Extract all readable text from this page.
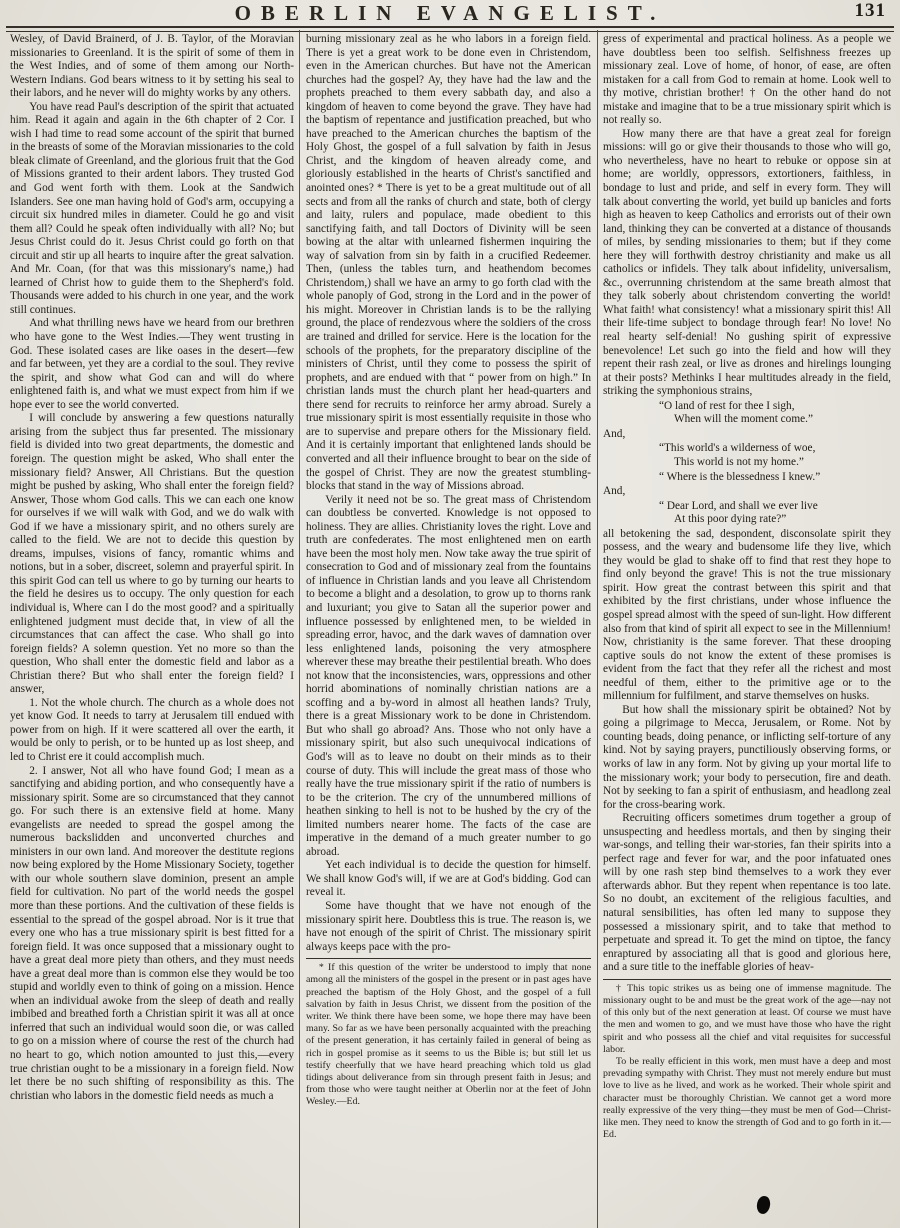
OBERLIN EVANGELIST.	131

Wesley, of David Brainerd, of J. B. Taylor, of the Moravian missionaries to Greenland. It is the spirit of some of them in the West Indies, and of some of them among our North-Western Indians. God bears witness to it by setting his seal to their labors, and he never will do mighty works by any others.

You have read Paul's description of the spirit that actuated him. Read it again and again in the 6th chapter of 2 Cor. I wish I had time to read some account of the spirit that burned in the breasts of some of the Moravian missionaries to the cold bleak climate of Greenland, and the glorious fruit that the God of Missions granted to their ardent labors. They trusted God and God went forth with them. Look at the Sandwich Islanders. See one man having hold of God's arm, occupying a circuit six hundred miles in diameter. Could he go and visit them all? Could he speak often individually with all? No; but Jesus Christ could do it. Jesus Christ could go forth on that circuit and stir up all hearts to inquire after the great salvation. And Mr. Coan, (for that was this missionary's name,) had learned of Christ how to guide them to the Shepherd's fold. Thousands were added to his church in one year, and the work still continues.

And what thrilling news have we heard from our brethren who have gone to the West Indies.—They went trusting in God. These isolated cases are like oases in the desert—few and far between, yet they are a cordial to the soul. They revive the spirit, and show what God can and will do where enlightened faith is, and what we must expect from him if we hope ever to see the world converted.

I will conclude by answering a few questions naturally arising from the subject thus far presented. The missionary field is divided into two great departments, the domestic and foreign. The question might be asked, Who shall enter the missionary field? Answer, All Christians. But the question might be pushed by asking, Who shall enter the foreign field? Answer, Those whom God calls. This we can each one know for ourselves if we will walk with God, and we do walk with God if we have a missionary spirit, and no others surely are called to the field. We are not to decide this question by dreams, impulses, visions of fancy, romantic whims and notions, but in a sober, discreet, solemn and prayerful spirit. In this spirit God can tell us where to go by turning our hearts to the field he desires us to occupy. The only question for each individual is, Where can I do the most good? and a spiritually enlightened judgment must decide that, in view of all the circumstances that can affect the case. Who shall go into foreign fields? A solemn question. Yet no more so than the question, Who shall enter the domestic field and labor as a Christian there? But who shall enter the foreign field? I answer,

1. Not the whole church. The church as a whole does not yet know God. It needs to tarry at Jerusalem till endued with power from on high. If it were scattered all over the earth, it would be only to perish, or to be hunted up as lost sheep, and led to Christ ere it could accomplish much.

2. I answer, Not all who have found God; I mean as a sanctifying and abiding portion, and who consequently have a missionary spirit. Some are so circumstanced that they cannot go. For such there is an extensive field at home. Many evangelists are needed to spread the gospel among the numerous backslidden and unconverted churches and ministers in our own land. And moreover the destitute regions now being explored by the Home Missionary Society, together with our whole southern slave dominion, present an ample field for cultivation. No part of the world needs the gospel more than these portions. And the cultivation of these fields is essential to the spread of the gospel abroad. Nor is it true that every one who has a true missionary spirit is best fitted for a foreign field. It was once supposed that a missionary ought to have a great deal more piety than others, and they must needs have a great deal more than is common else they would be too stupid and worldly even to think of going on a mission. Hence when an individual awoke from the sleep of death and really imbibed and breathed forth a Christian spirit it was all at once inferred that such an individual would soon die, or was called to go on a mission where of course the rest of the church had no heart to go, which notion amounted to just this,—every true christian ought to be a missionary in a foreign field. Now let there be no such shifting of responsibility as this. The christian who labors in the domestic field needs as much a

burning missionary zeal as he who labors in a foreign field. There is yet a great work to be done even in Christendom, even in the American churches. But have not the American churches had the gospel? Ay, they have had the law and the prophets preached to them every sabbath day, and also a kingdom of heaven to come beyond the grave. They have had the baptism of repentance and justification preached, but who have preached to the American churches the baptism of the Holy Ghost, the gospel of a full salvation by faith in Jesus Christ, and the kingdom of heaven already come, and gloriously established in the hearts of Christ's sanctified and anointed ones? * There is yet to be a great multitude out of all sects and from all the ranks of church and state, both of clergy and laity, rulers and populace, made obedient to this sanctifying faith, and tall Doctors of Divinity will be seen bowing at the altar with unlearned fishermen inquiring the way of salvation from sin by faith in a crucified Redeemer. Then, (unless the tables turn, and heathendom becomes Christendom,) shall we have an army to go forth clad with the whole panoply of God, strong in the Lord and in the power of his might. Moreover in Christian lands is to be the rallying ground, the place of rendezvous where the soldiers of the cross are trained and drilled for service. Here is the location for the schools of the prophets, for the preparatory discipline of the ministers of Christ, until they come to possess the spirit of prophets, and are endued with that “ power from on high.” In christian lands must the church plant her head-quarters and there send for recruits to reinforce her army abroad. Surely a true missionary spirit is most essentially requisite in those who are to supervise and prepare others for the Missionary field. And it is certainly important that enlightened lands should be converted and all their influence brought to bear on the side of the gospel of Christ. They are now the greatest stumbling-blocks that stand in the way of Missions abroad.

Verily it need not be so. The great mass of Christendom can doubtless be converted. Knowledge is not opposed to holiness. They are allies. Christianity loves the right. Love and truth are confederates. The most enlightened men on earth have been the most holy men. Now take away the true spirit of consecration to God and of missionary zeal from the fountains of influence in Christian lands and you leave all Christendom to become a blight and a desolation, to grow up to thorns rank and luxuriant; you give to Satan all the superior power and influence possessed by enlightened men, to be wielded in spreading error, havoc, and the dark waves of damnation over less enlightened lands, poisoning the very atmosphere wherever these may breathe their pestilential breath. Who does not know that the inconsistencies, wars, oppressions and other horrid abominations of nominally christian nations are a scoffing and a by-word in almost all heathen lands? Truly, there is a great Missionary work to be done in Christendom. But who shall go abroad? Ans. Those who not only have a missionary spirit, but also such unequivocal indications of God's will as to leave no doubt on their minds as to their course of duty. This will include the great mass of those who really have the true missionary spirit if the ratio of numbers is to be the criterion. The cry of the unnumbered millions of heathen sinking to hell is not to be hushed by the cry of the limited numbers nearer home. The facts of the case are imperative in the demand of a much greater number to go abroad.

Yet each individual is to decide the question for himself. We shall know God's will, if we are at God's bidding. God can reveal it.

Some have thought that we have not enough of the missionary spirit here. Doubtless this is true. The reason is, we have not enough of the spirit of Christ. The missionary spirit always keeps pace with the pro-

* If this question of the writer be understood to imply that none among all the ministers of the gospel in the present or in past ages have preached the baptism of the Holy Ghost, and the gospel of a full salvation by faith in Jesus Christ, we dissent from the position of the writer. We think there have been some, we hope there may have been many. So far as we have been personally acquainted with the preaching of the present generation, it has certainly failed in general of being as rich in gospel promise as it seems to us the Bible is; but still let us testify cheerfully that we have heard preaching which told us glad tidings about deliverance from sin through present faith in Jesus; and from those who were taught neither at Oberlin nor at the feet of John Wesley.—Ed.

gress of experimental and practical holiness. As a people we have doubtless been too selfish. Selfishness freezes up missionary zeal. Love of home, of honor, of ease, are often mistaken for a call from God to remain at home. Look well to thy motive, christian brother! † On the other hand do not mistake and imagine that to be a true missionary spirit which is not really so.

How many there are that have a great zeal for foreign missions: will go or give their thousands to those who will go, who nevertheless, have no heart to rebuke or oppose sin at home; are worldly, oppressors, extortioners, faithless, in bondage to lust and pride, and self in every form. They will talk about converting the world, yet build up banicles and forts high as heaven to keep Catholics and errorists out of their own land, thinking they can be converted at a distance of thousands of miles, by sending missionaries to them; but if they come here they will forthwith destroy christianity and make us all catholics or infidels. They talk about infidelity, universalism, &c., overrunning christendom at the same breath almost that they talk soberly about christendom converting the world! What faith! what consistency! what a missionary spirit this! All their life-time subject to bondage through fear! No love! No real hearty self-denial! No gushing spirit of expressive benevolence! Let such go into the field and how will they repent their rash zeal, or live as drones and hirelings lounging at their posts? Methinks I hear multitudes already in the field, striking the symphonious strains,

“O land of rest for thee I sigh,
When will the moment come.”

And,

“This world's a wilderness of woe,
This world is not my home.”
“ Where is the blessedness I knew.”

And,

“ Dear Lord, and shall we ever live
At this poor dying rate?”

all betokening the sad, despondent, disconsolate spirit they possess, and the weary and budensome life they live, which they would be glad to shake off to find that rest they hope to find only beyond the grave! This is not the true missionary spirit. How great the contrast between this spirit and that exhibited by the first christians, under whose influence the gospel spread almost with the speed of sun-light. How different also from that kind of spirit all expect to see in the Millennium! Now, christianity is the same forever. That these drooping captive souls do not know the extent of these promises is evident from the fact that they refer all the richest and most needful of them, either to the primitive age or to the millennium for fulfilment, and starve themselves on husks.

But how shall the missionary spirit be obtained? Not by going a pilgrimage to Mecca, Jerusalem, or Rome. Not by counting beads, doing penance, or inflicting self-torture of any kind. Not by saying prayers, punctiliously observing forms, or works of law in any form. Not by giving up your mortal life to the missionary work; your body to persecution, fire and death. Not by seeking to fan a spirit of enthusiasm, and headlong zeal for the cross-bearing work.

Recruiting officers sometimes drum together a group of unsuspecting and heedless mortals, and then by singing their war-songs, and telling their war-stories, fan their spirits into a perfect rage and fever for war, and the poor infatuated ones will by one rash step bind themselves to a work they ever afterwards abhor. But they repent when repentance is too late. So no doubt, an excitement of the religious faculties, and natural sensibilities, has often led many to suppose they possessed a missionary spirit, and to take that method to perpetuate and spread it. To get the mind on tiptoe, the fancy enraptured by associating all that is good and glorious here, and a sure title to the ineffable glories of heav-

† This topic strikes us as being one of immense magnitude. The missionary ought to be and must be the great work of the age—nay not of this only but of the next generation at least. Of course we must have the men and women to go, and we must have those who have the right spirit and who possess all the chief and vital requisites for successful labor.

To be really efficient in this work, men must have a deep and most prevading sympathy with Christ. They must not merely endure but must love to live as he lived, and work as he worked. Their whole spirit and character must be thoroughly Christian. We cannot get a word more really expressive of the very thing—they must be men of God—Christ-like men. They need to know the strength of God and to go forth in it.—Ed.
